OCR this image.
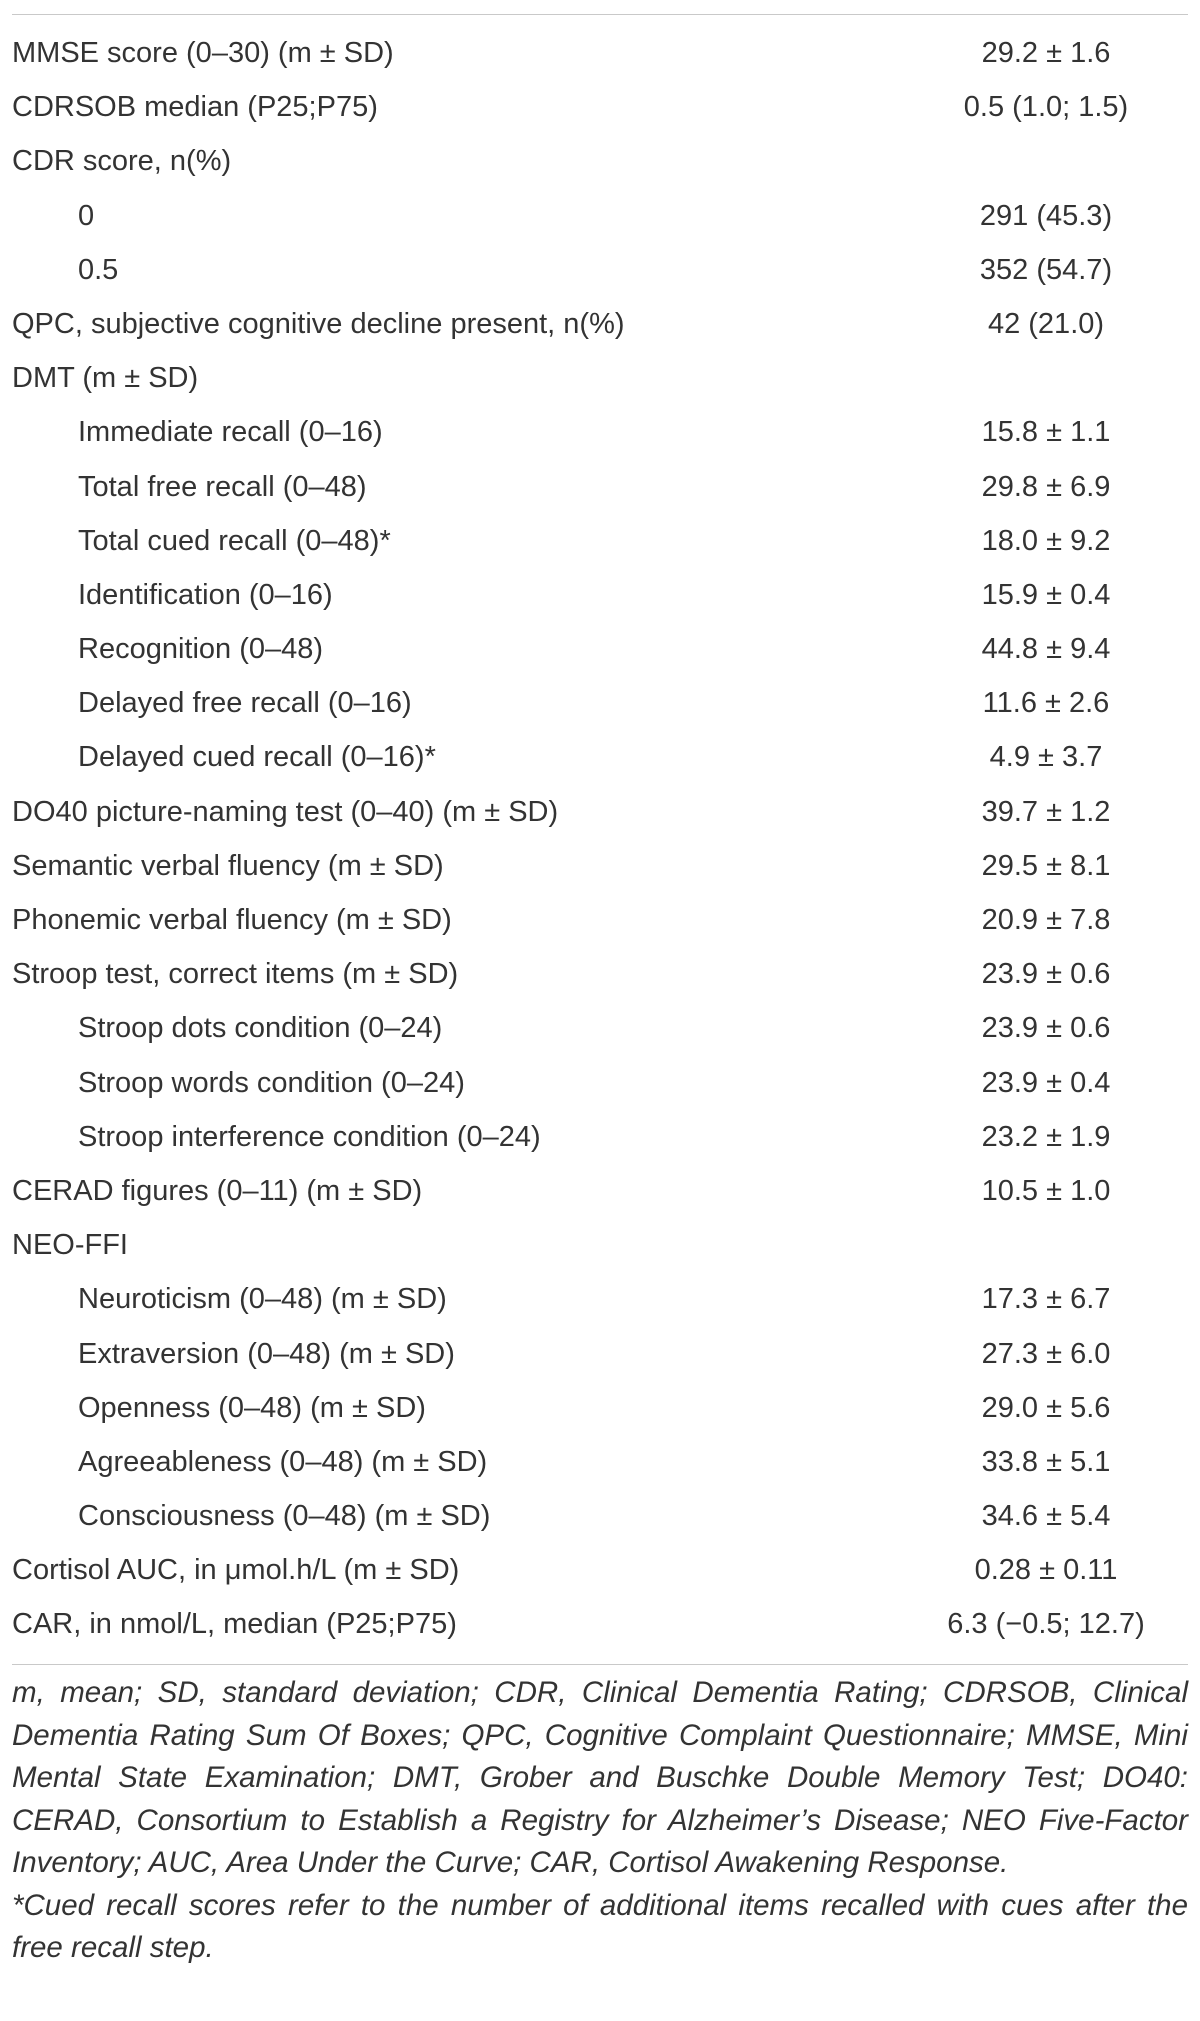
MMSE score (0–30) (m ± SD)	29.2 ± 1.6
CDRSOB median (P25;P75)	0.5 (1.0; 1.5)
CDR score, n(%)
0	291 (45.3)
0.5	352 (54.7)
QPC, subjective cognitive decline present, n(%)	42 (21.0)
DMT (m ± SD)
Immediate recall (0–16)	15.8 ± 1.1
Total free recall (0–48)	29.8 ± 6.9
Total cued recall (0–48)*	18.0 ± 9.2
Identification (0–16)	15.9 ± 0.4
Recognition (0–48)	44.8 ± 9.4
Delayed free recall (0–16)	11.6 ± 2.6
Delayed cued recall (0–16)*	4.9 ± 3.7
DO40 picture-naming test (0–40) (m ± SD)	39.7 ± 1.2
Semantic verbal fluency (m ± SD)	29.5 ± 8.1
Phonemic verbal fluency (m ± SD)	20.9 ± 7.8
Stroop test, correct items (m ± SD)	23.9 ± 0.6
Stroop dots condition (0–24)	23.9 ± 0.6
Stroop words condition (0–24)	23.9 ± 0.4
Stroop interference condition (0–24)	23.2 ± 1.9
CERAD figures (0–11) (m ± SD)	10.5 ± 1.0
NEO-FFI
Neuroticism (0–48) (m ± SD)	17.3 ± 6.7
Extraversion (0–48) (m ± SD)	27.3 ± 6.0
Openness (0–48) (m ± SD)	29.0 ± 5.6
Agreeableness (0–48) (m ± SD)	33.8 ± 5.1
Consciousness (0–48) (m ± SD)	34.6 ± 5.4
Cortisol AUC, in μmol.h/L (m ± SD)	0.28 ± 0.11
CAR, in nmol/L, median (P25;P75)	6.3 (−0.5; 12.7)

m, mean; SD, standard deviation; CDR, Clinical Dementia Rating; CDRSOB, Clinical Dementia Rating Sum Of Boxes; QPC, Cognitive Complaint Questionnaire; MMSE, Mini Mental State Examination; DMT, Grober and Buschke Double Memory Test; DO40: CERAD, Consortium to Establish a Registry for Alzheimer’s Disease; NEO Five-Factor Inventory; AUC, Area Under the Curve; CAR, Cortisol Awakening Response.

*Cued recall scores refer to the number of additional items recalled with cues after the free recall step.
